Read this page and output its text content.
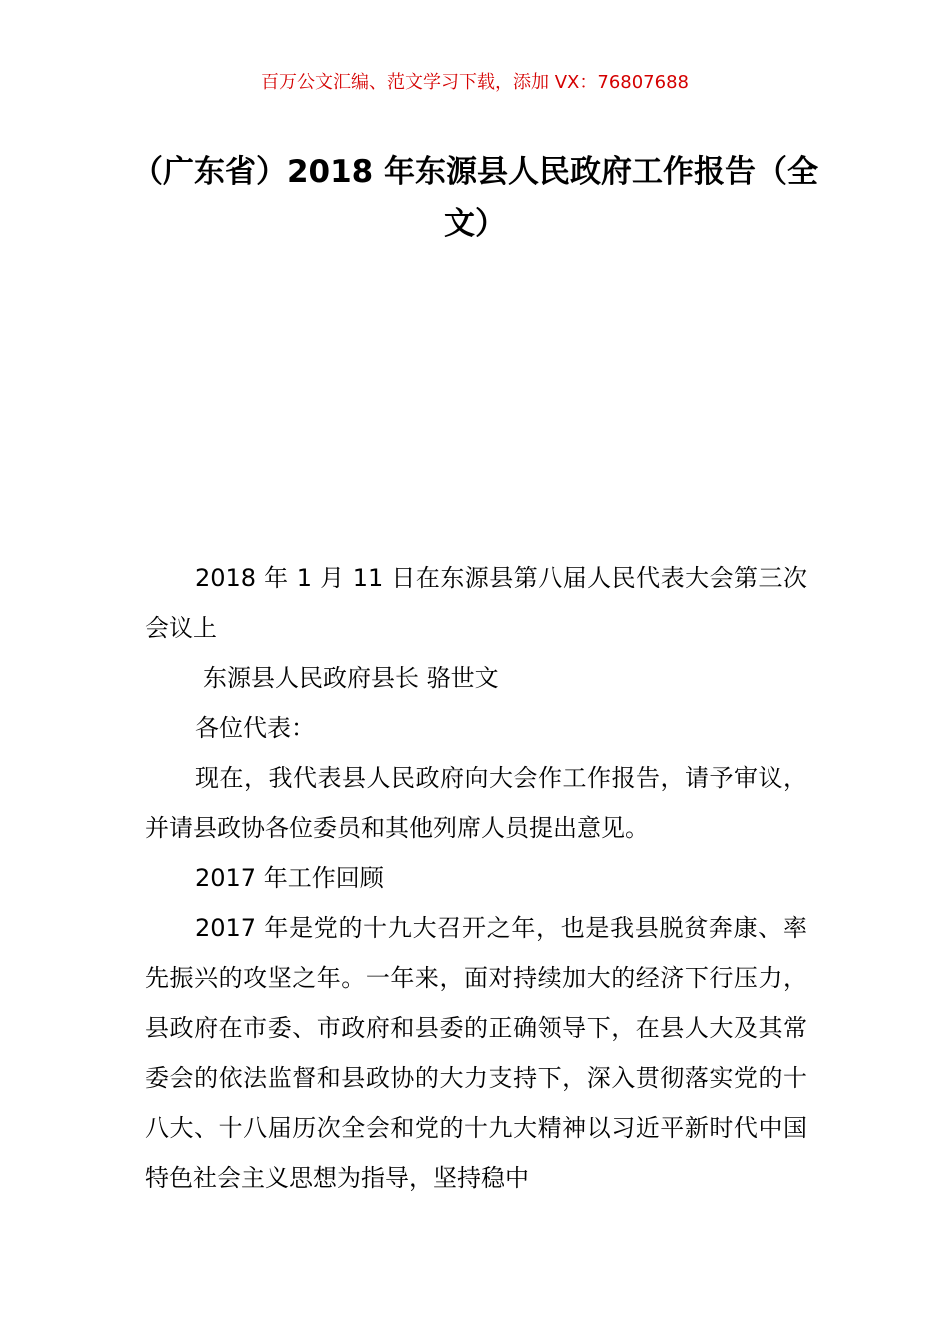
百万公文汇编、范文学习下载，添加 VX：76807688
（广东省）2018 年东源县人民政府工作报告（全文）

2018 年 1 月 11 日在东源县第八届人民代表大会第三次会议上

东源县人民政府县长 骆世文

各位代表：

现在，我代表县人民政府向大会作工作报告，请予审议，并请县政协各位委员和其他列席人员提出意见。

2017 年工作回顾

2017 年是党的十九大召开之年，也是我县脱贫奔康、率先振兴的攻坚之年。一年来，面对持续加大的经济下行压力，县政府在市委、市政府和县委的正确领导下，在县人大及其常委会的依法监督和县政协的大力支持下，深入贯彻落实党的十八大、十八届历次全会和党的十九大精神以习近平新时代中国特色社会主义思想为指导，坚持稳中
